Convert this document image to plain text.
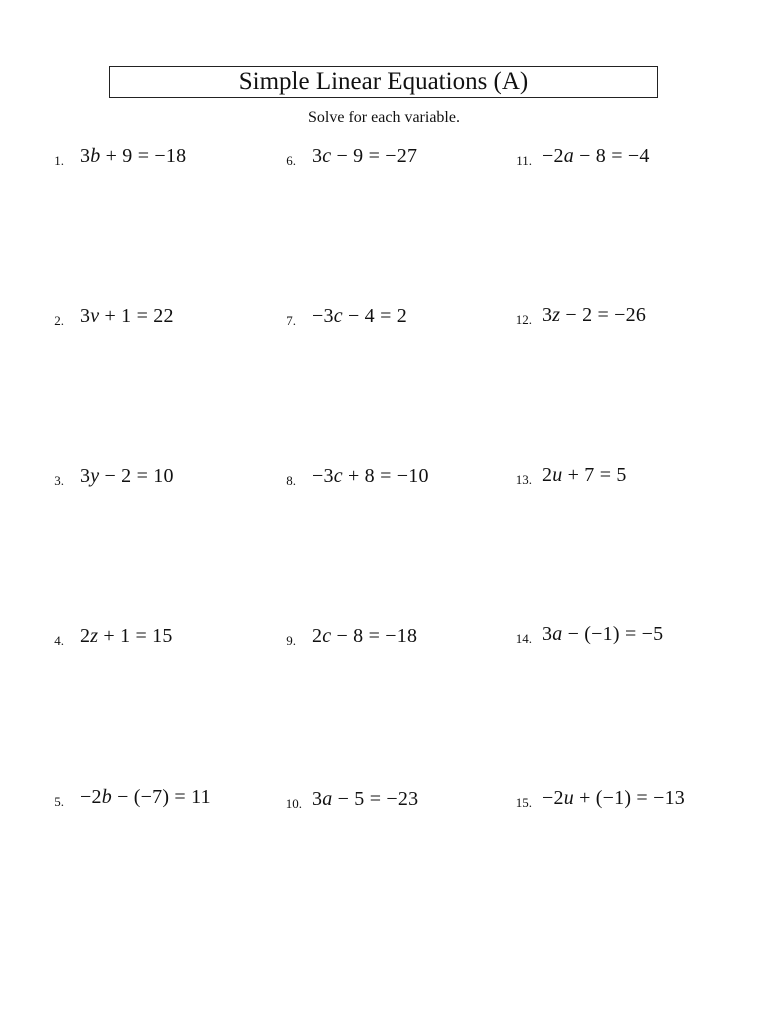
Simple Linear Equations (A)
Solve for each variable.
1. 3b + 9 = −18
2. 3v + 1 = 22
3. 3y − 2 = 10
4. 2z + 1 = 15
5. −2b − (−7) = 11
6. 3c − 9 = −27
7. −3c − 4 = 2
8. −3c + 8 = −10
9. 2c − 8 = −18
10. 3a − 5 = −23
11. −2a − 8 = −4
12. 3z − 2 = −26
13. 2u + 7 = 5
14. 3a − (−1) = −5
15. −2u + (−1) = −13
